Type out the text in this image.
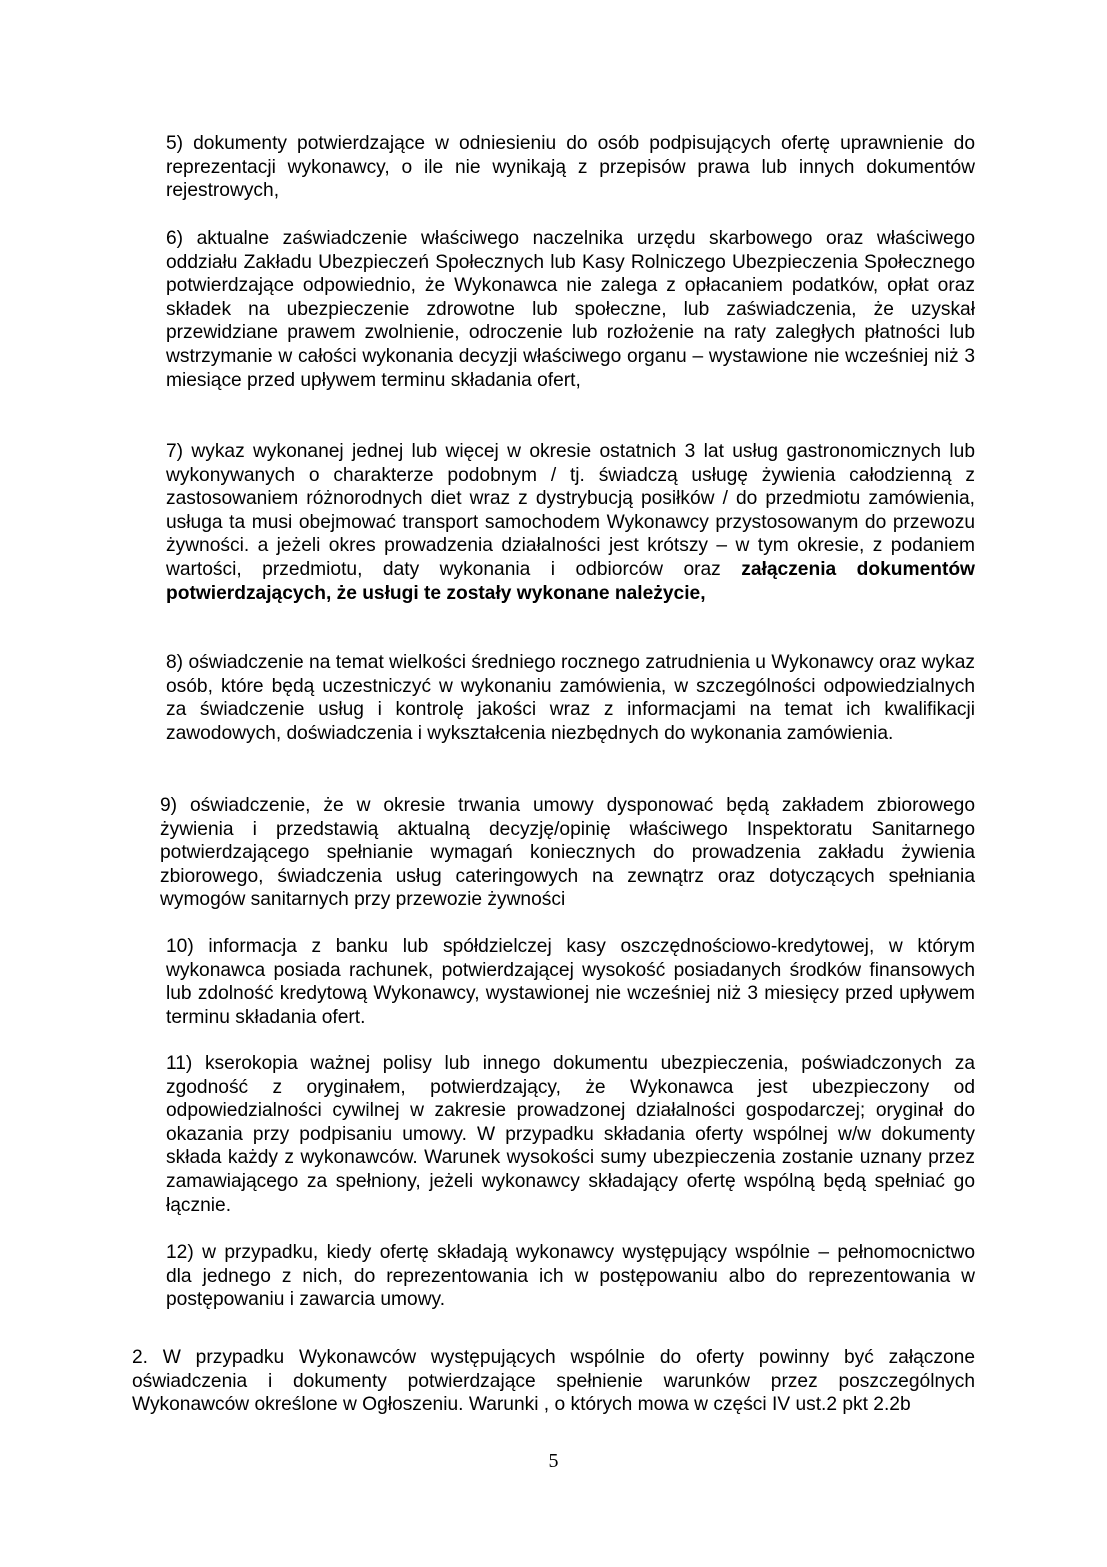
5) dokumenty potwierdzające w odniesieniu do osób podpisujących ofertę uprawnienie do reprezentacji wykonawcy, o ile nie wynikają z przepisów prawa lub innych dokumentów rejestrowych,

6) aktualne zaświadczenie właściwego naczelnika urzędu skarbowego oraz właściwego oddziału Zakładu Ubezpieczeń Społecznych lub Kasy Rolniczego Ubezpieczenia Społecznego potwierdzające odpowiednio, że Wykonawca nie zalega z opłacaniem podatków, opłat oraz składek na ubezpieczenie zdrowotne lub społeczne, lub zaświadczenia, że uzyskał przewidziane prawem zwolnienie, odroczenie lub rozłożenie na raty zaległych płatności lub wstrzymanie w całości wykonania decyzji właściwego organu – wystawione nie wcześniej niż 3 miesiące przed upływem terminu składania ofert,

7) wykaz wykonanej jednej lub więcej w okresie ostatnich 3 lat usług gastronomicznych lub wykonywanych o charakterze podobnym / tj. świadczą usługę żywienia całodzienną z zastosowaniem różnorodnych diet wraz z dystrybucją posiłków / do przedmiotu zamówienia, usługa ta musi obejmować transport samochodem Wykonawcy przystosowanym do przewozu żywności. a jeżeli okres prowadzenia działalności jest krótszy – w tym okresie, z podaniem wartości, przedmiotu, daty wykonania i odbiorców oraz załączenia dokumentów potwierdzających, że usługi te zostały wykonane należycie,

8) oświadczenie na temat wielkości średniego rocznego zatrudnienia u Wykonawcy oraz wykaz osób, które będą uczestniczyć w wykonaniu zamówienia, w szczególności odpowiedzialnych za świadczenie usług i kontrolę jakości wraz z informacjami na temat ich kwalifikacji zawodowych, doświadczenia i wykształcenia niezbędnych do wykonania zamówienia.

9) oświadczenie, że w okresie trwania umowy dysponować będą zakładem zbiorowego żywienia i przedstawią aktualną decyzję/opinię właściwego Inspektoratu Sanitarnego potwierdzającego spełnianie wymagań koniecznych do prowadzenia zakładu żywienia zbiorowego, świadczenia usług cateringowych na zewnątrz oraz dotyczących spełniania wymogów sanitarnych przy przewozie żywności

10) informacja z banku lub spółdzielczej kasy oszczędnościowo-kredytowej, w którym wykonawca posiada rachunek, potwierdzającej wysokość posiadanych środków finansowych lub zdolność kredytową Wykonawcy, wystawionej nie wcześniej niż 3 miesięcy przed upływem terminu składania ofert.

11) kserokopia ważnej polisy lub innego dokumentu ubezpieczenia, poświadczonych za zgodność z oryginałem, potwierdzający, że Wykonawca jest ubezpieczony od odpowiedzialności cywilnej w zakresie prowadzonej działalności gospodarczej; oryginał do okazania przy podpisaniu umowy. W przypadku składania oferty wspólnej w/w dokumenty składa każdy z wykonawców. Warunek wysokości sumy ubezpieczenia zostanie uznany przez zamawiającego za spełniony, jeżeli wykonawcy składający ofertę wspólną będą spełniać go łącznie.

12) w przypadku, kiedy ofertę składają wykonawcy występujący wspólnie – pełnomocnictwo dla jednego z nich, do reprezentowania ich w postępowaniu albo do reprezentowania w postępowaniu i zawarcia umowy.

2. W przypadku Wykonawców występujących wspólnie do oferty powinny być załączone oświadczenia i dokumenty potwierdzające spełnienie warunków przez poszczególnych Wykonawców określone w Ogłoszeniu. Warunki , o których mowa w części IV ust.2 pkt 2.2b

5
